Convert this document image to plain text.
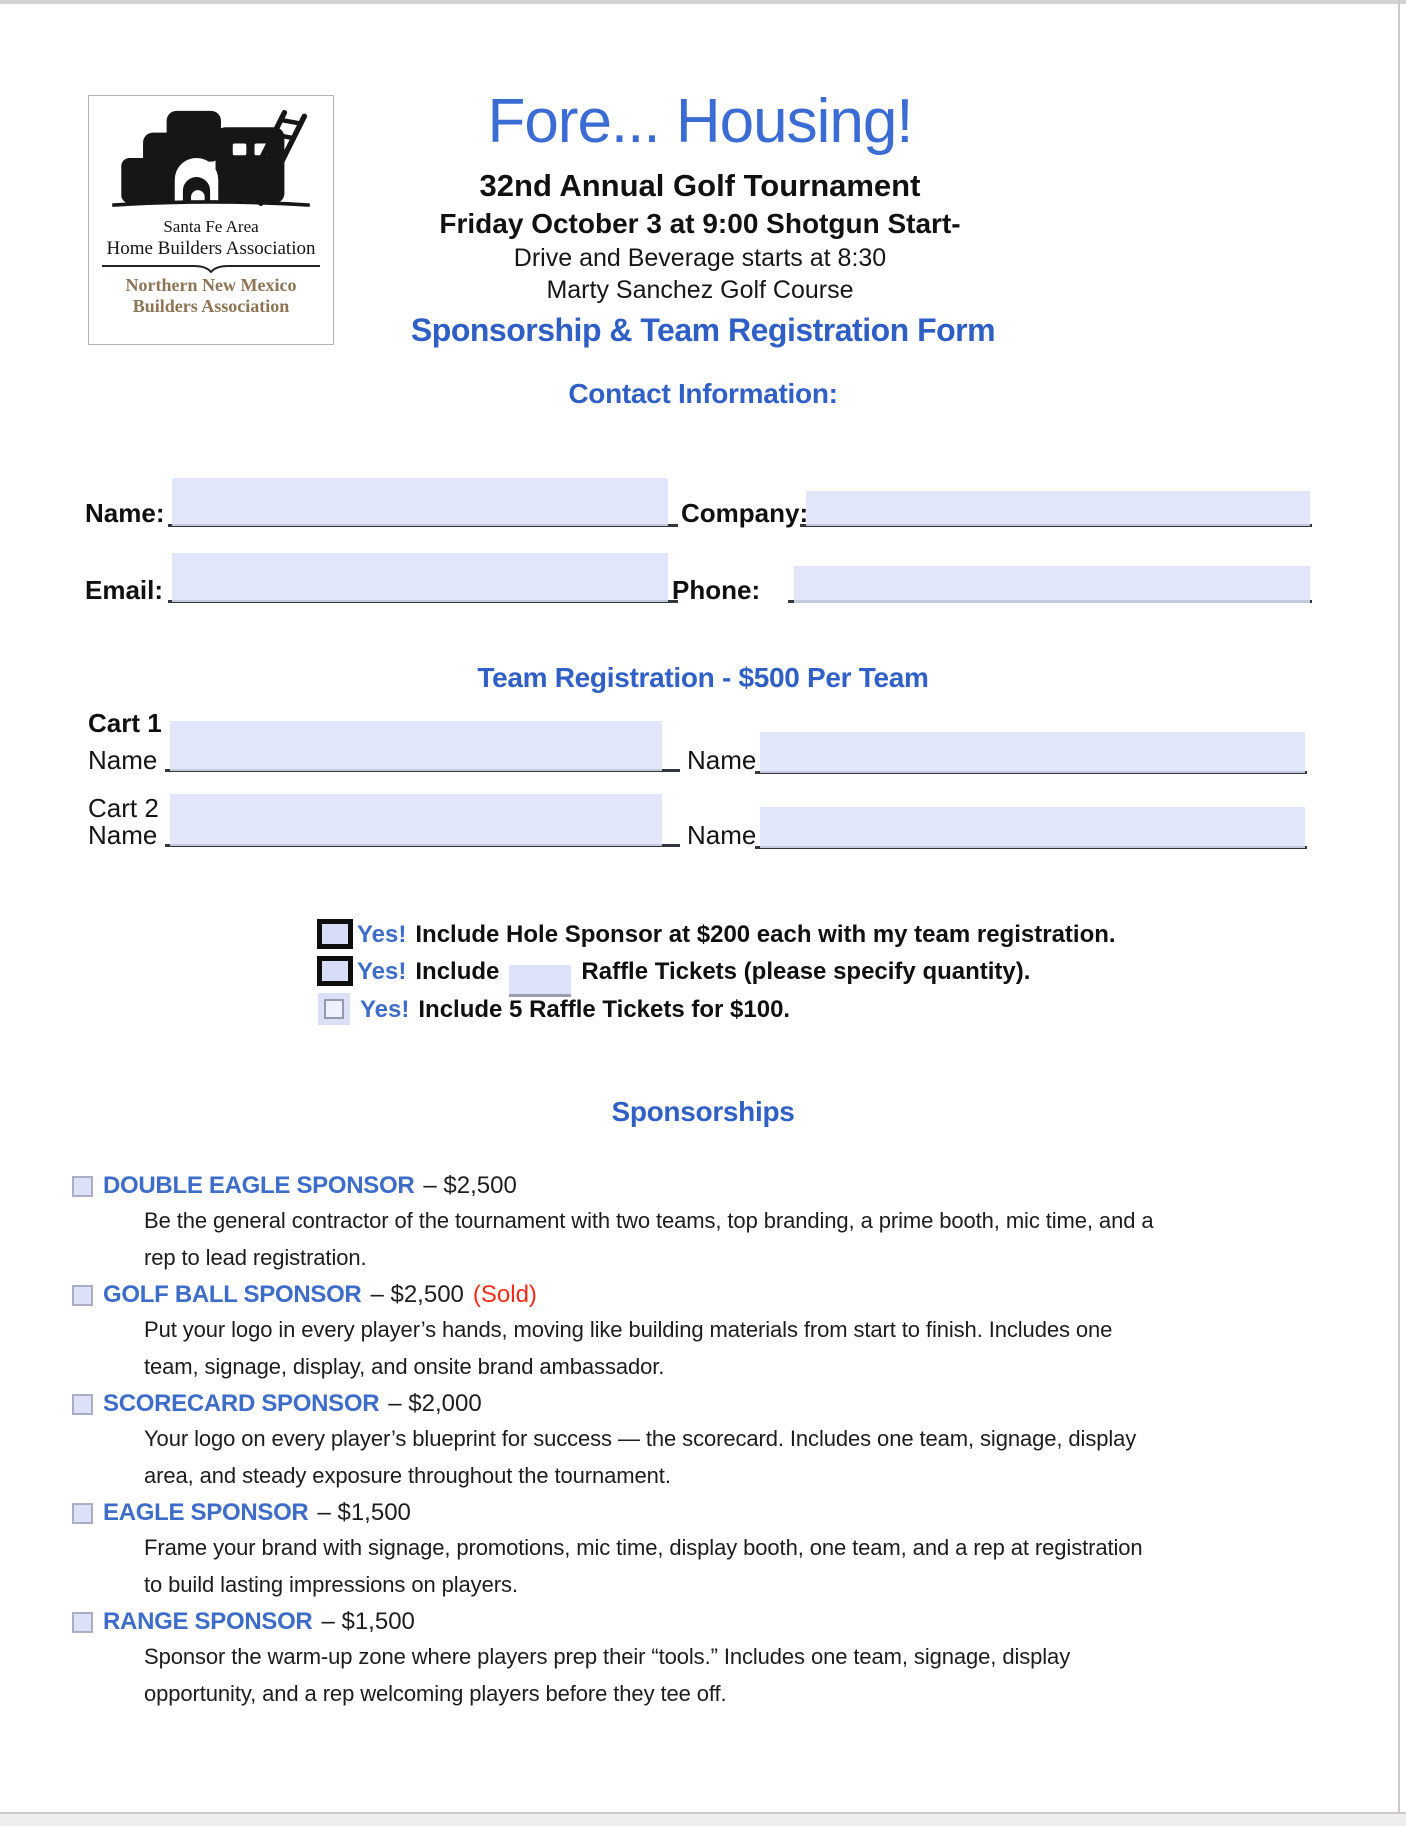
Santa Fe Area
Home Builders Association
Northern New Mexico
Builders Association
Fore... Housing!
32nd Annual Golf Tournament
Friday October 3 at 9:00 Shotgun Start-
Drive and Beverage starts at 8:30
Marty Sanchez Golf Course
Sponsorship & Team Registration Form
Contact Information:
Name:	Company:
Email:	Phone:
Team Registration - $500 Per Team
Cart 1
Name	Name
Cart 2
Name	Name
Yes! Include Hole Sponsor at $200 each with my team registration.
Yes! Include	Raffle Tickets (please specify quantity).
Yes! Include 5 Raffle Tickets for $100.
Sponsorships
DOUBLE EAGLE SPONSOR – $2,500
Be the general contractor of the tournament with two teams, top branding, a prime booth, mic time, and a rep to lead registration.
GOLF BALL SPONSOR – $2,500 (Sold)
Put your logo in every player’s hands, moving like building materials from start to finish. Includes one team, signage, display, and onsite brand ambassador.
SCORECARD SPONSOR – $2,000
Your logo on every player’s blueprint for success — the scorecard. Includes one team, signage, display area, and steady exposure throughout the tournament.
EAGLE SPONSOR – $1,500
Frame your brand with signage, promotions, mic time, display booth, one team, and a rep at registration to build lasting impressions on players.
RANGE SPONSOR – $1,500
Sponsor the warm-up zone where players prep their “tools.” Includes one team, signage, display opportunity, and a rep welcoming players before they tee off.
